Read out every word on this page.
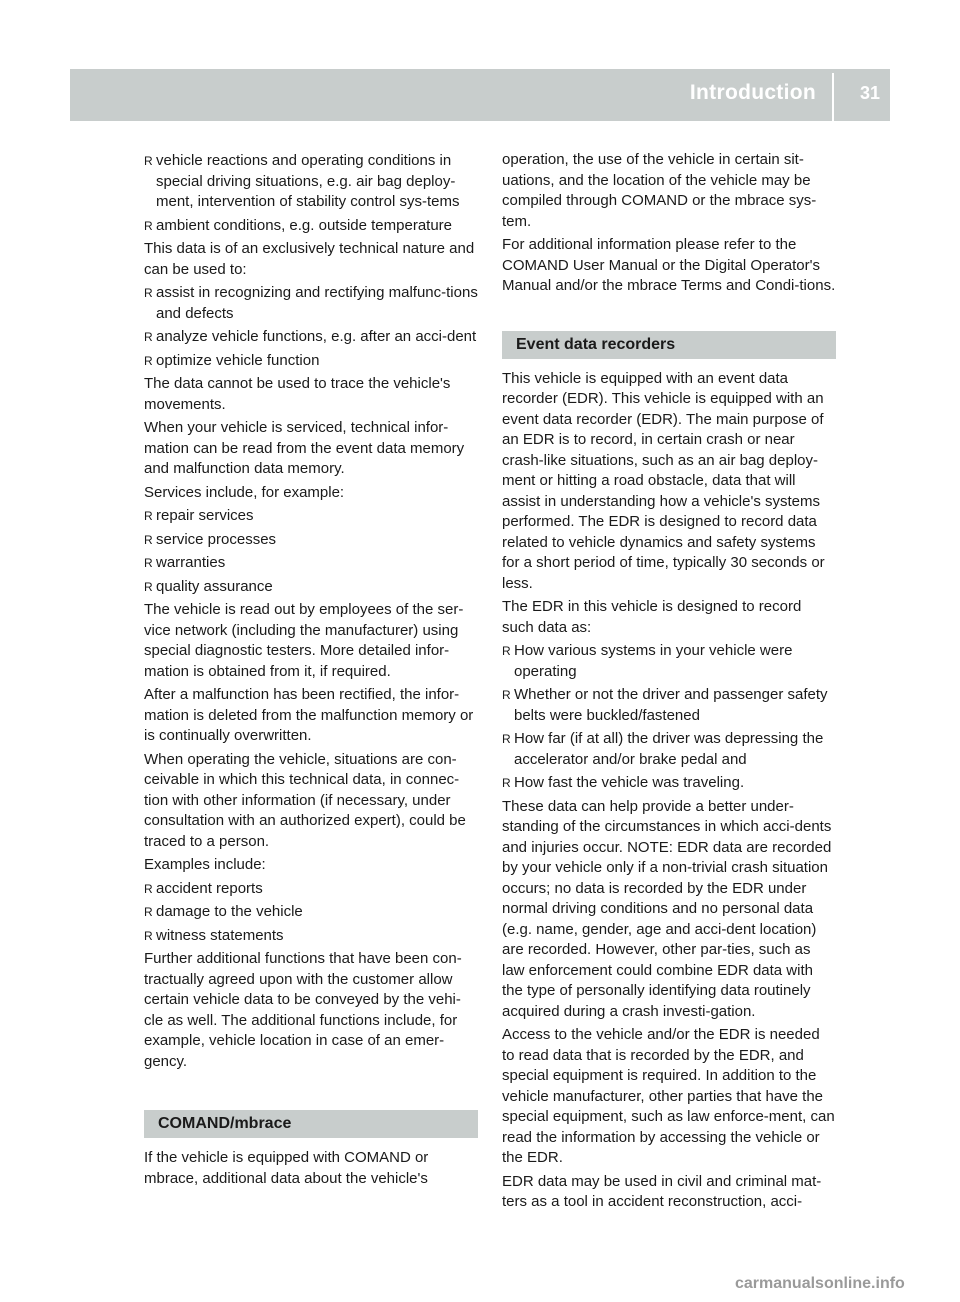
Introduction 31
R vehicle reactions and operating conditions in special driving situations, e.g. air bag deploy-ment, intervention of stability control sys-tems
R ambient conditions, e.g. outside temperature

This data is of an exclusively technical nature and can be used to:

R assist in recognizing and rectifying malfunc-tions and defects
R analyze vehicle functions, e.g. after an acci-dent
R optimize vehicle function

The data cannot be used to trace the vehicle's movements.

When your vehicle is serviced, technical infor-mation can be read from the event data memory and malfunction data memory.

Services include, for example:

R repair services
R service processes
R warranties
R quality assurance

The vehicle is read out by employees of the ser-vice network (including the manufacturer) using special diagnostic testers. More detailed infor-mation is obtained from it, if required.

After a malfunction has been rectified, the infor-mation is deleted from the malfunction memory or is continually overwritten.

When operating the vehicle, situations are con-ceivable in which this technical data, in connec-tion with other information (if necessary, under consultation with an authorized expert), could be traced to a person.

Examples include:

R accident reports
R damage to the vehicle
R witness statements

Further additional functions that have been con-tractually agreed upon with the customer allow certain vehicle data to be conveyed by the vehi-cle as well. The additional functions include, for example, vehicle location in case of an emer-gency.

COMAND/mbrace

If the vehicle is equipped with COMAND or mbrace, additional data about the vehicle's

operation, the use of the vehicle in certain sit-uations, and the location of the vehicle may be compiled through COMAND or the mbrace sys-tem.

For additional information please refer to the COMAND User Manual or the Digital Operator's Manual and/or the mbrace Terms and Condi-tions.

Event data recorders

This vehicle is equipped with an event data recorder (EDR). This vehicle is equipped with an event data recorder (EDR). The main purpose of an EDR is to record, in certain crash or near crash-like situations, such as an air bag deploy-ment or hitting a road obstacle, data that will assist in understanding how a vehicle's systems performed. The EDR is designed to record data related to vehicle dynamics and safety systems for a short period of time, typically 30 seconds or less.

The EDR in this vehicle is designed to record such data as:

R How various systems in your vehicle were operating
R Whether or not the driver and passenger safety belts were buckled/fastened
R How far (if at all) the driver was depressing the accelerator and/or brake pedal and
R How fast the vehicle was traveling.

These data can help provide a better under-standing of the circumstances in which acci-dents and injuries occur. NOTE: EDR data are recorded by your vehicle only if a non-trivial crash situation occurs; no data is recorded by the EDR under normal driving conditions and no personal data (e.g. name, gender, age and acci-dent location) are recorded. However, other par-ties, such as law enforcement could combine EDR data with the type of personally identifying data routinely acquired during a crash investi-gation.

Access to the vehicle and/or the EDR is needed to read data that is recorded by the EDR, and special equipment is required. In addition to the vehicle manufacturer, other parties that have the special equipment, such as law enforce-ment, can read the information by accessing the vehicle or the EDR.

EDR data may be used in civil and criminal mat-ters as a tool in accident reconstruction, acci-

carmanualsonline.info
